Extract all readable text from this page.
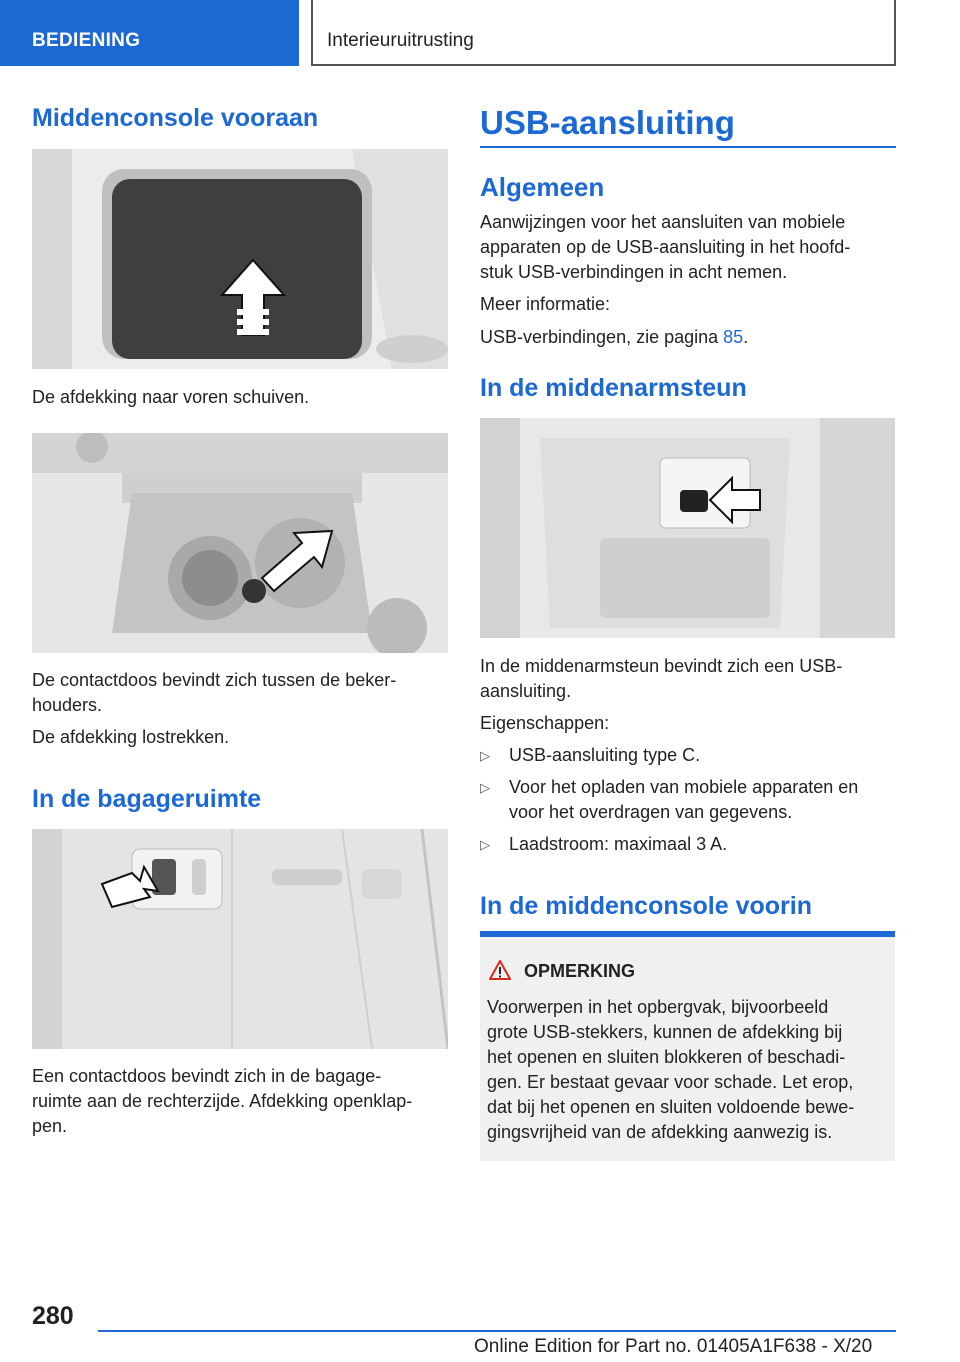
BEDIENING	Interieuruitrusting
Middenconsole vooraan
De afdekking naar voren schuiven.
De contactdoos bevindt zich tussen de beker-
houders.
De afdekking lostrekken.
In de bagageruimte
Een contactdoos bevindt zich in de bagage-
ruimte aan de rechterzijde. Afdekking openklap-
pen.
USB-aansluiting
Algemeen
Aanwijzingen voor het aansluiten van mobiele
apparaten op de USB-aansluiting in het hoofd-
stuk USB-verbindingen in acht nemen.
Meer informatie:
USB-verbindingen, zie pagina 85.
In de middenarmsteun
In de middenarmsteun bevindt zich een USB-
aansluiting.
Eigenschappen:
▷ USB-aansluiting type C.
▷ Voor het opladen van mobiele apparaten en
voor het overdragen van gegevens.
▷ Laadstroom: maximaal 3 A.
In de middenconsole voorin
OPMERKING
Voorwerpen in het opbergvak, bijvoorbeeld
grote USB-stekkers, kunnen de afdekking bij
het openen en sluiten blokkeren of beschadi-
gen. Er bestaat gevaar voor schade. Let erop,
dat bij het openen en sluiten voldoende bewe-
gingsvrijheid van de afdekking aanwezig is.
280
Online Edition for Part no. 01405A1F638 - X/20
